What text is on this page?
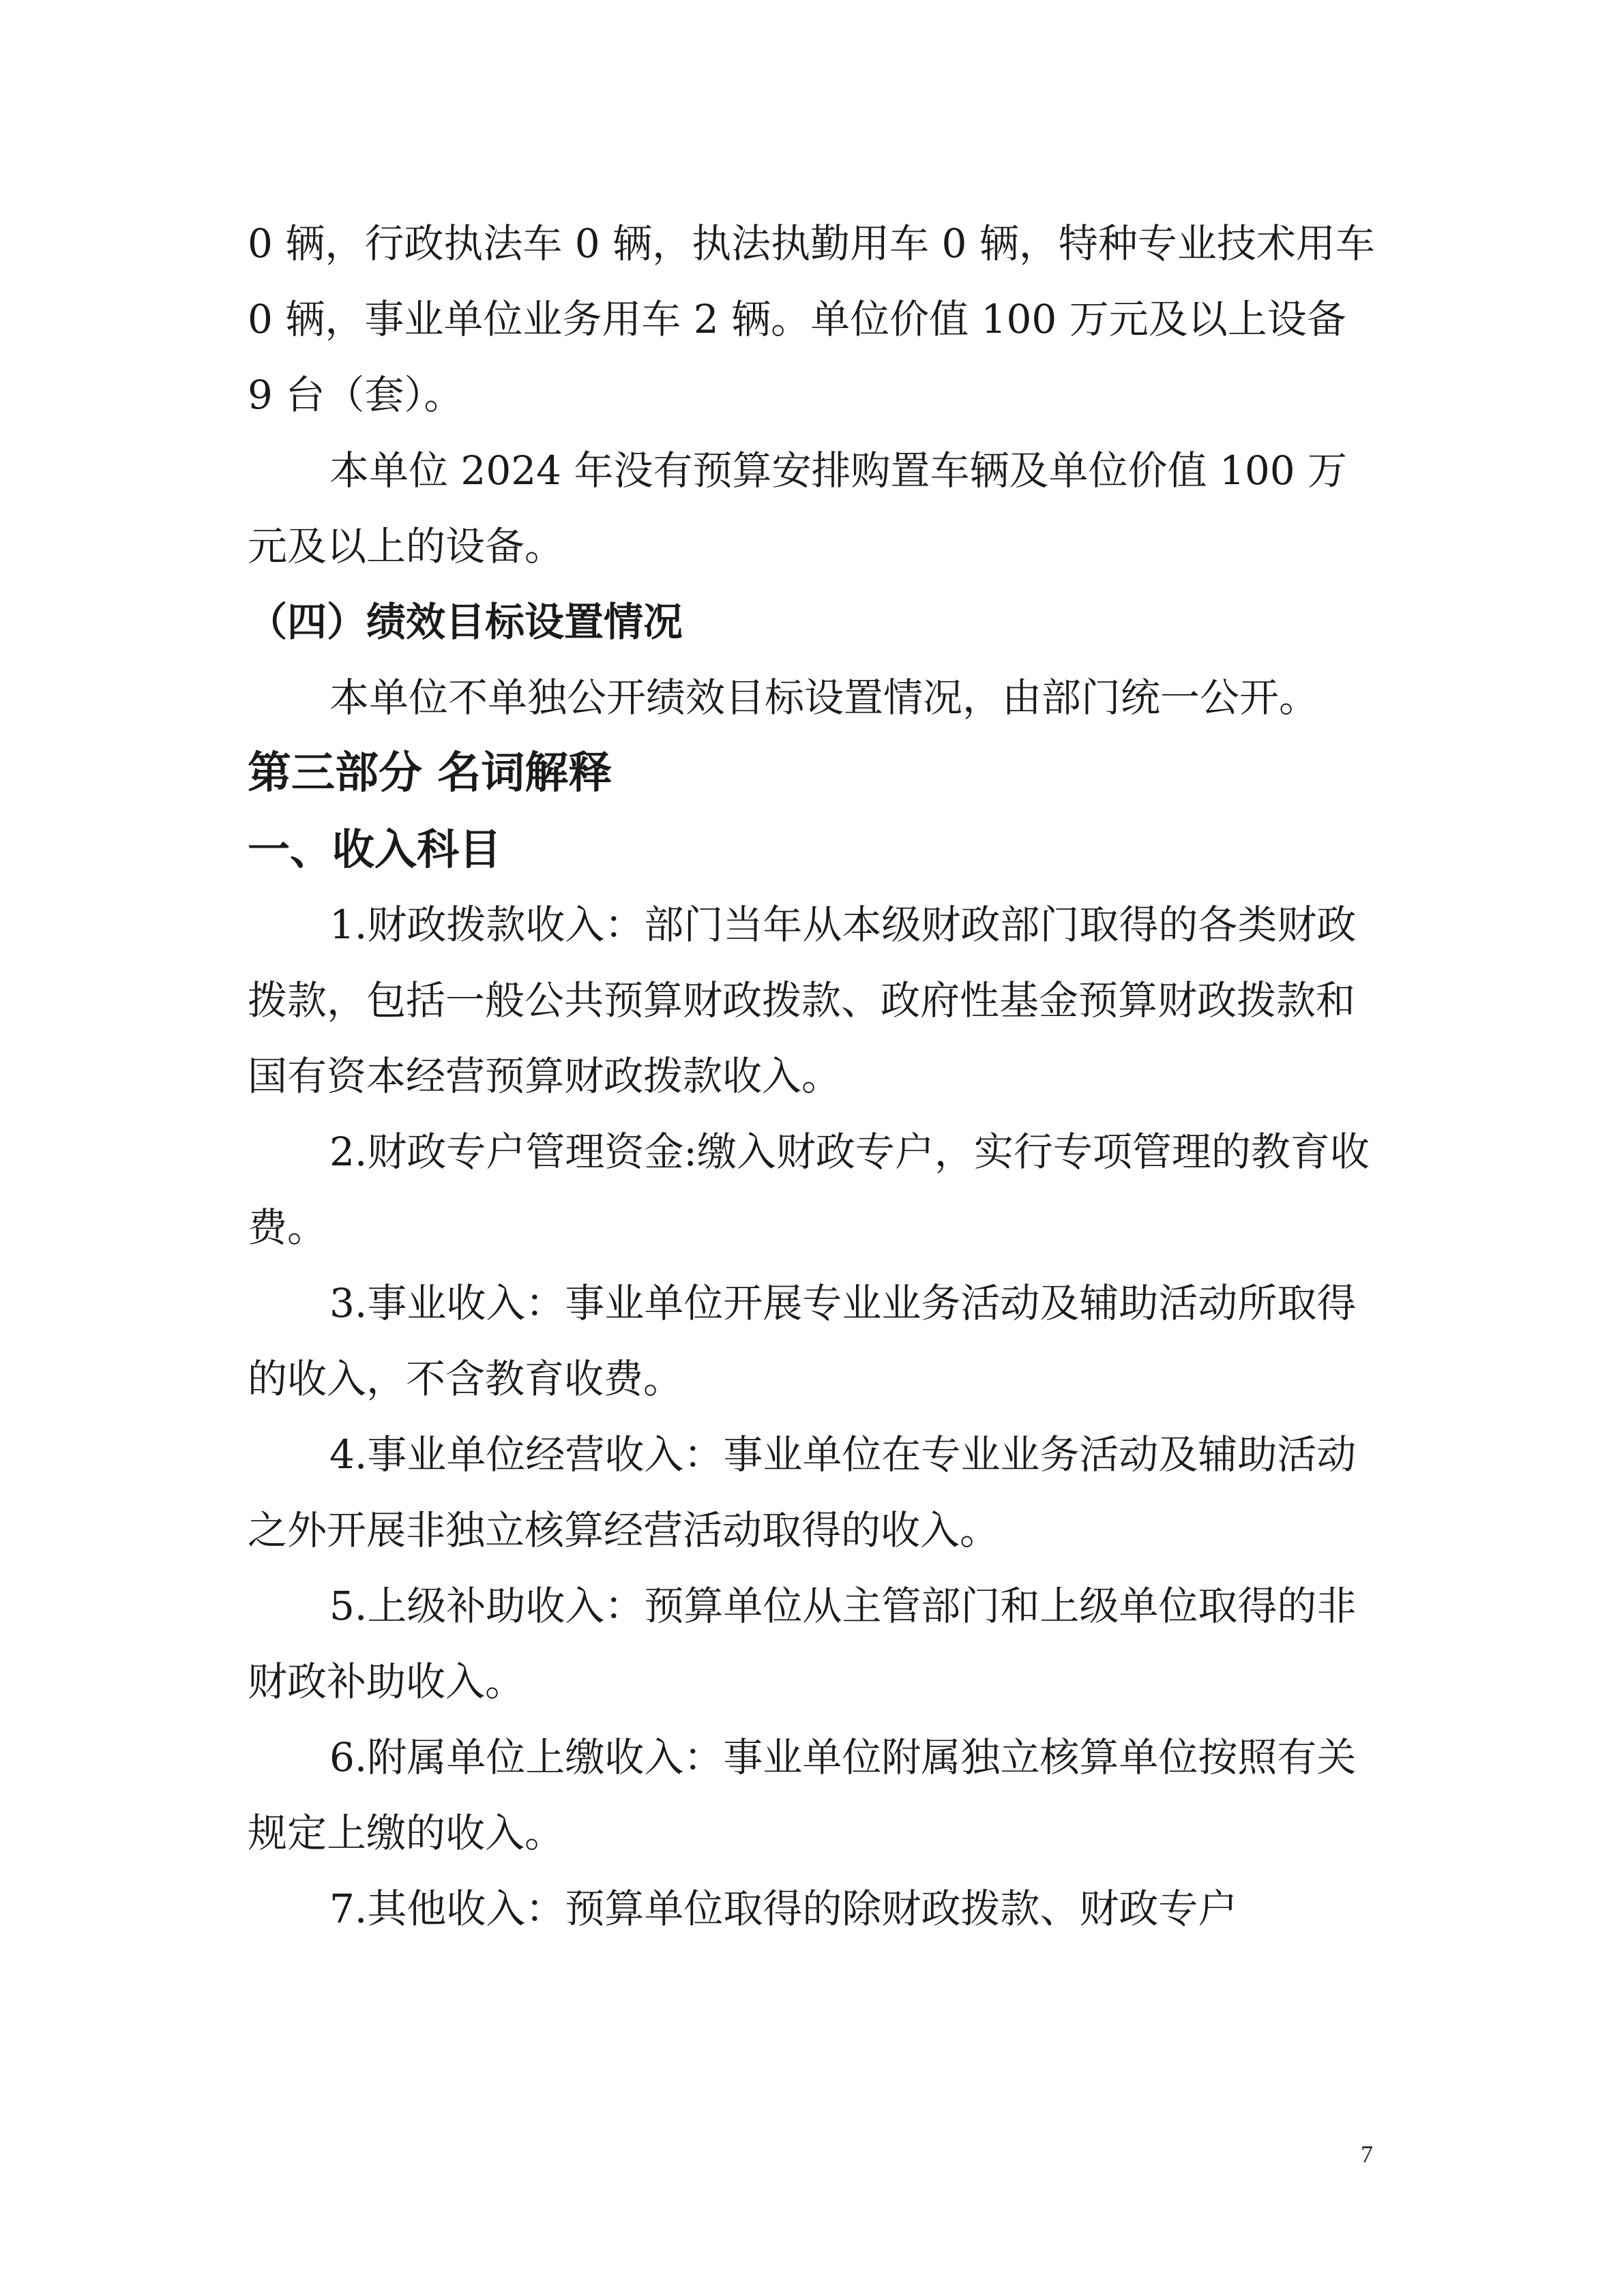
0 辆，行政执法车 0 辆，执法执勤用车 0 辆，特种专业技术用车 0 辆，事业单位业务用车 2 辆。单位价值 100 万元及以上设备 9 台（套）。

本单位 2024 年没有预算安排购置车辆及单位价值 100 万元及以上的设备。

（四）绩效目标设置情况

本单位不单独公开绩效目标设置情况，由部门统一公开。

第三部分 名词解释

一、收入科目

1.财政拨款收入：部门当年从本级财政部门取得的各类财政拨款，包括一般公共预算财政拨款、政府性基金预算财政拨款和国有资本经营预算财政拨款收入。

2.财政专户管理资金:缴入财政专户，实行专项管理的教育收费。

3.事业收入：事业单位开展专业业务活动及辅助活动所取得的收入，不含教育收费。

4.事业单位经营收入：事业单位在专业业务活动及辅助活动之外开展非独立核算经营活动取得的收入。

5.上级补助收入：预算单位从主管部门和上级单位取得的非财政补助收入。

6.附属单位上缴收入：事业单位附属独立核算单位按照有关规定上缴的收入。

7.其他收入：预算单位取得的除财政拨款、财政专户

7
